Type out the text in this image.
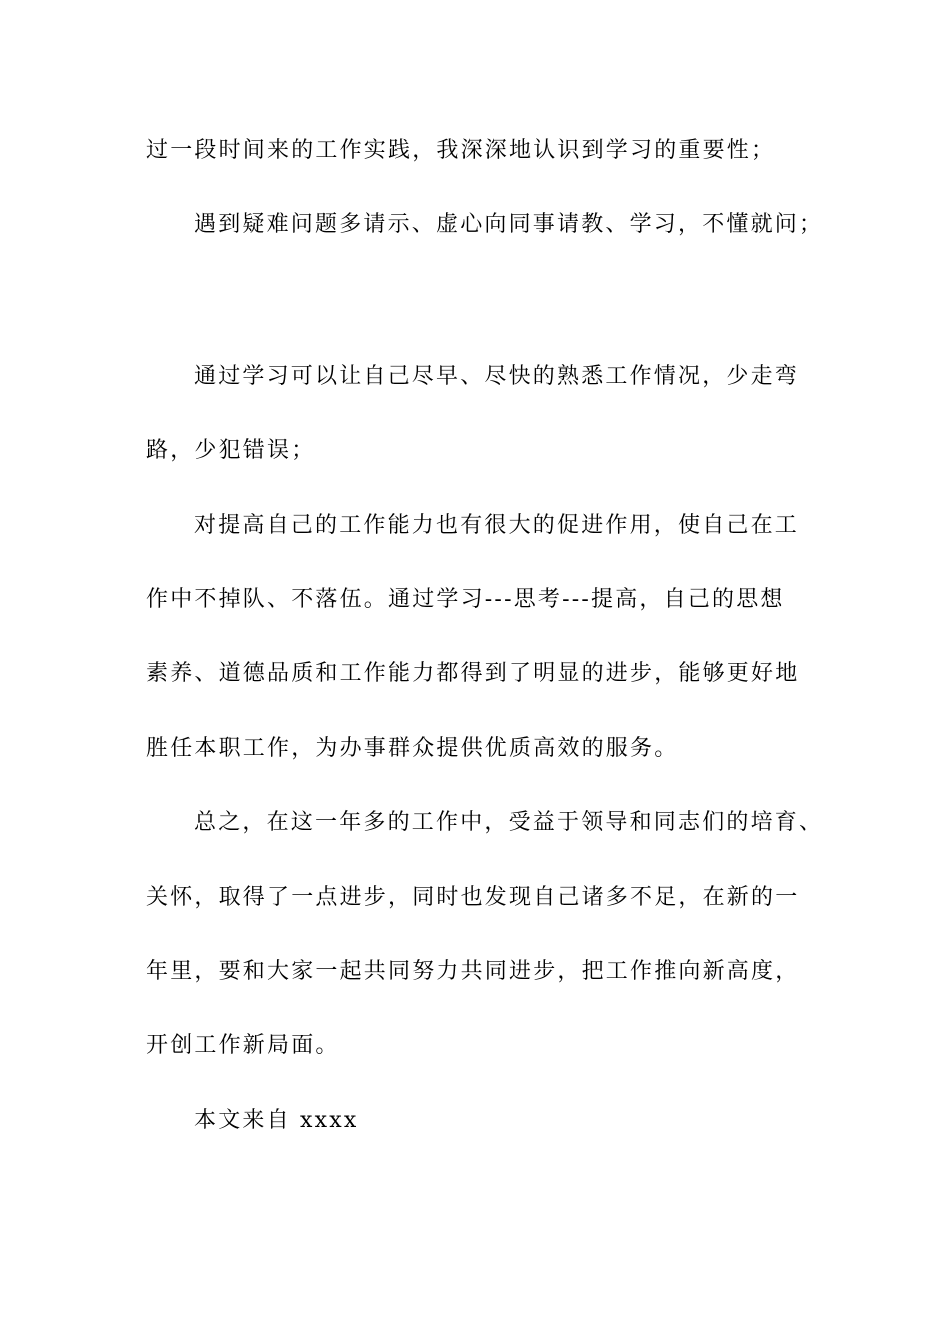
过一段时间来的工作实践，我深深地认识到学习的重要性；
遇到疑难问题多请示、虚心向同事请教、学习，不懂就问；
通过学习可以让自己尽早、尽快的熟悉工作情况，少走弯
路，少犯错误；
对提高自己的工作能力也有很大的促进作用，使自己在工
作中不掉队、不落伍。通过学习---思考---提高，自己的思想
素养、道德品质和工作能力都得到了明显的进步，能够更好地
胜任本职工作，为办事群众提供优质高效的服务。
总之，在这一年多的工作中，受益于领导和同志们的培育、
关怀，取得了一点进步，同时也发现自己诸多不足，在新的一
年里，要和大家一起共同努力共同进步，把工作推向新高度，
开创工作新局面。
本文来自 xxxx
